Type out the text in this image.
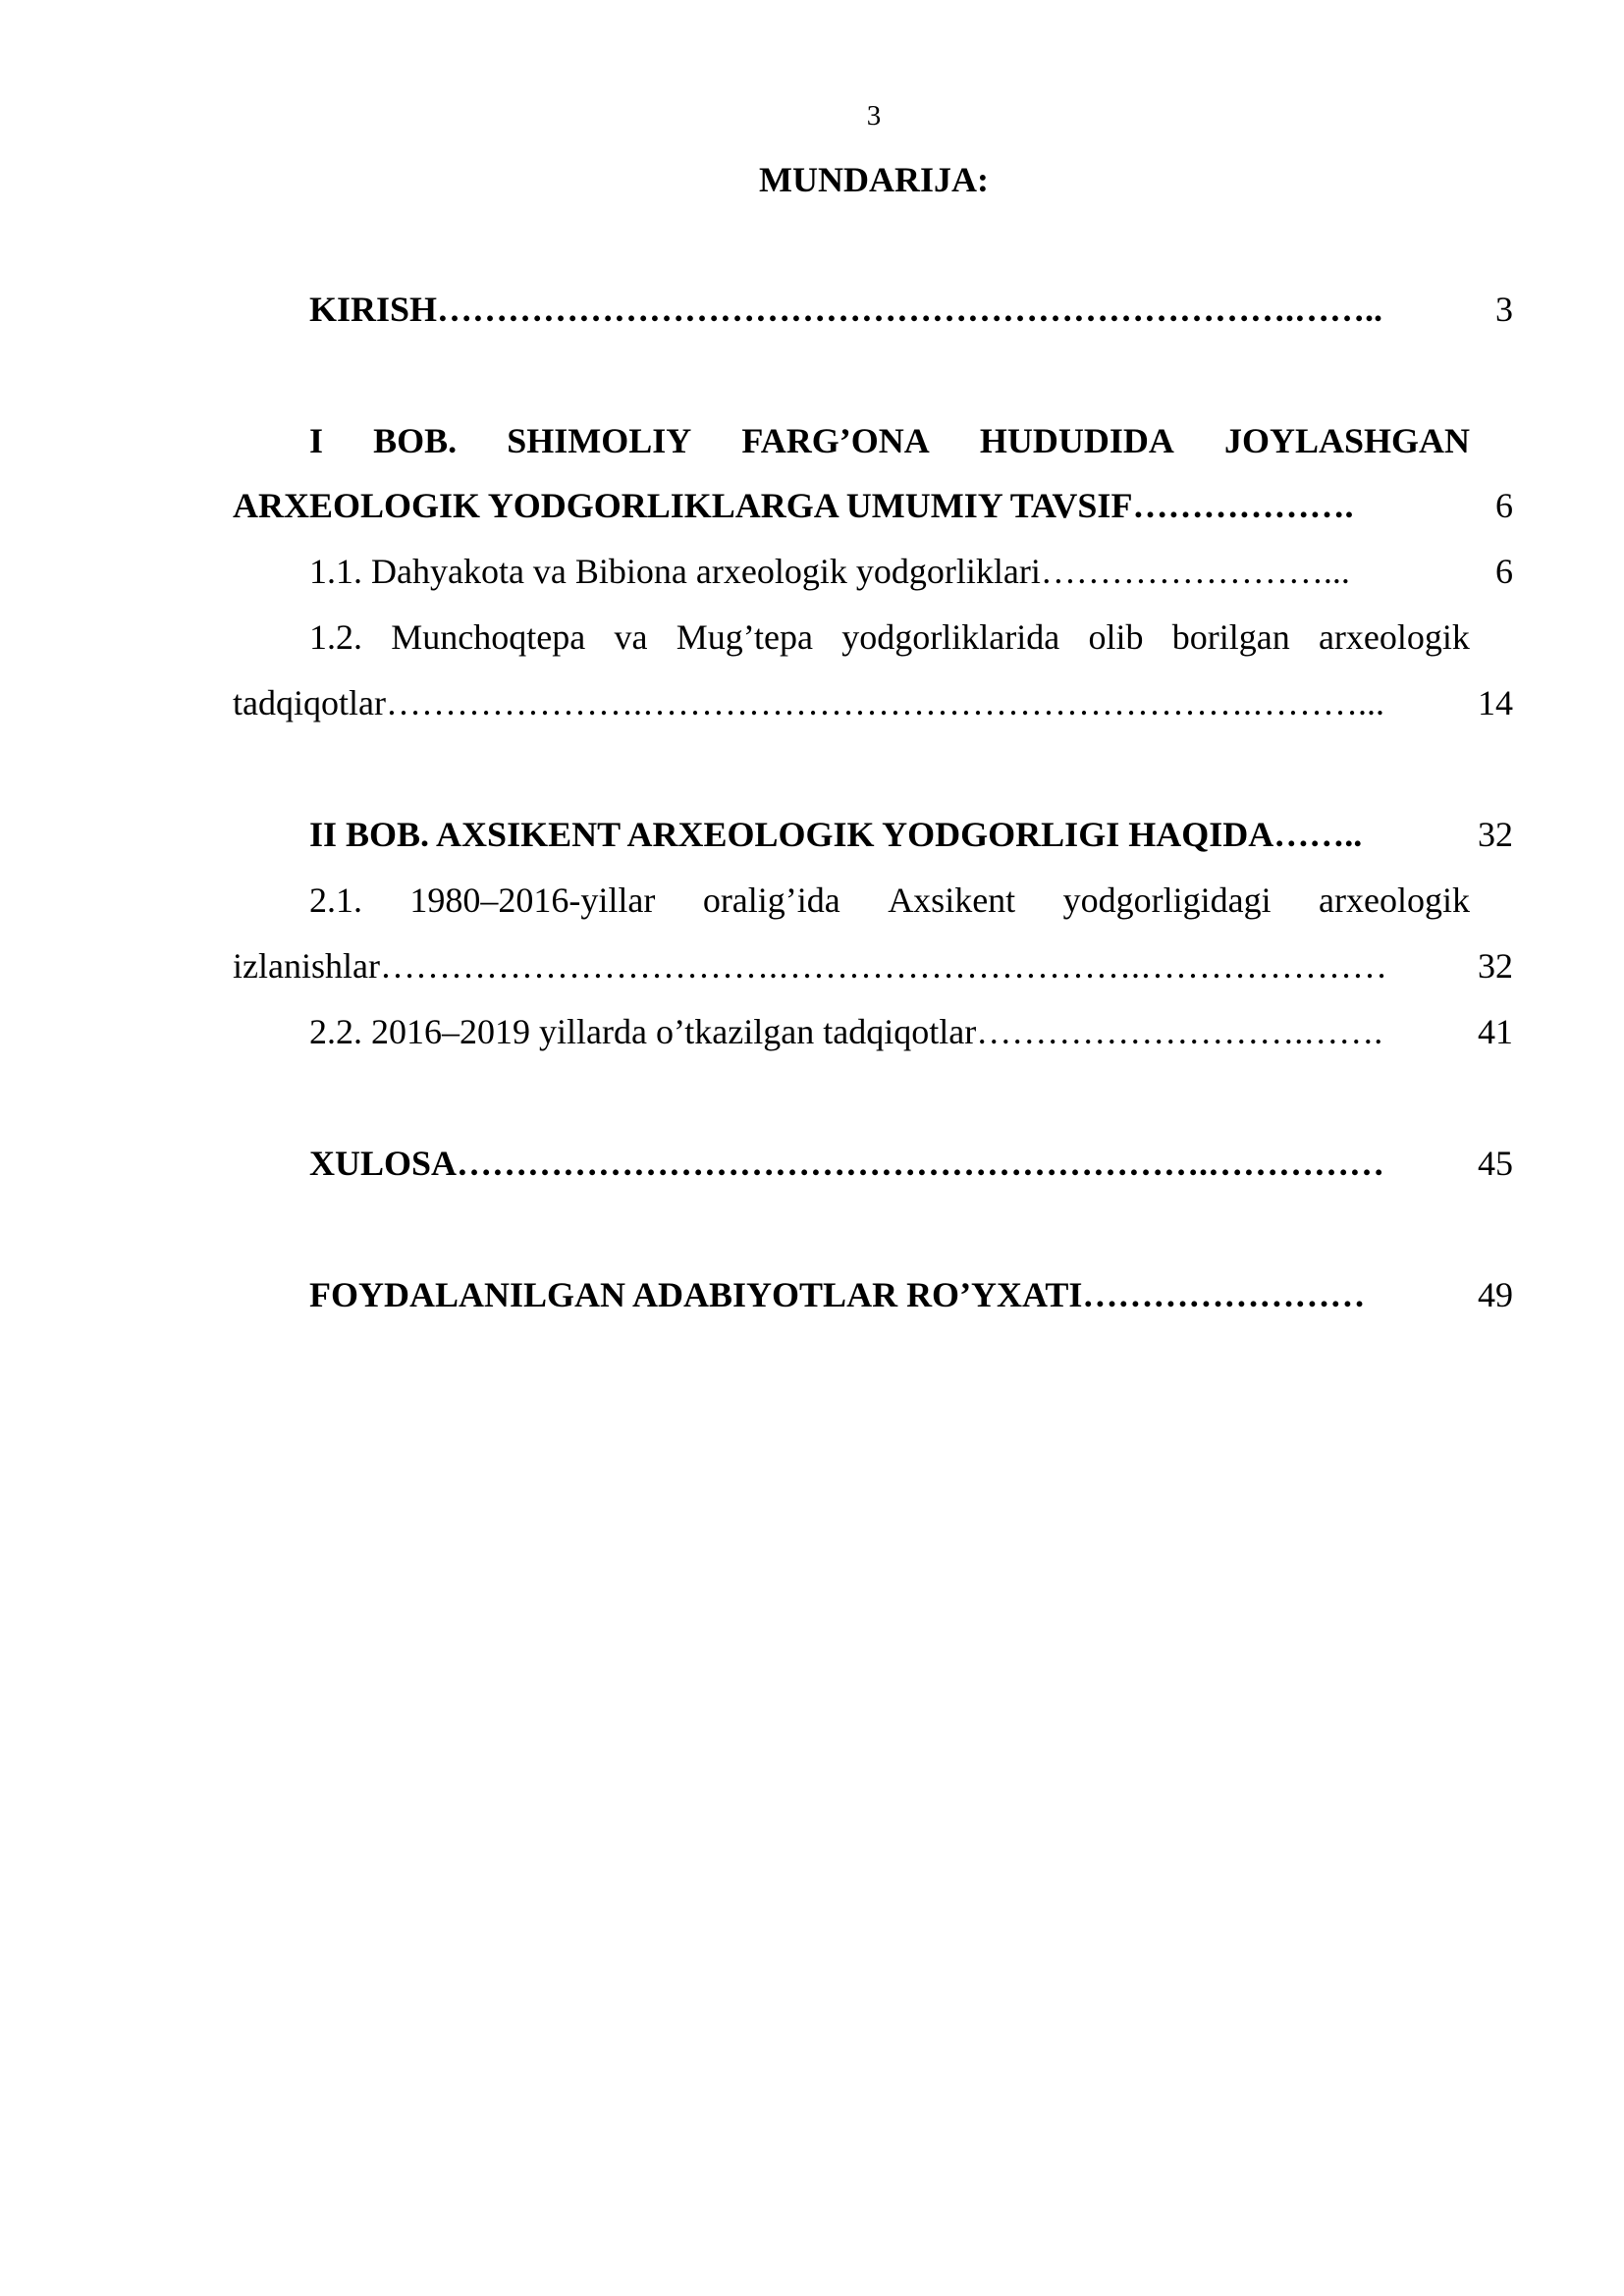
3
MUNDARIJA:
KIRISH……………………………………………………………….……..	3
I BOB. SHIMOLIY FARG’ONA HUDUDIDA JOYLASHGAN
ARXEOLOGIK YODGORLIKLARGA UMUMIY TAVSIF……………….	6
1.1. Dahyakota va Bibiona arxeologik yodgorliklari……………………...	6
1.2. Munchoqtepa va Mug’tepa yodgorliklarida olib borilgan arxeologik
tadqiqotlar………………….…………………………………………….………...	14
II BOB. AXSIKENT ARXEOLOGIK YODGORLIGI HAQIDA……..	32
2.1. 1980–2016-yillar oralig’ida Axsikent yodgorligidagi arxeologik
izlanishlar…………………………….………………………….…………………	32
2.2. 2016–2019 yillarda o’tkazilgan tadqiqotlar……………………….…….	41
XULOSA……………………………………………………….……………	45
FOYDALANILGAN ADABIYOTLAR RO’YXATI……………………	49
